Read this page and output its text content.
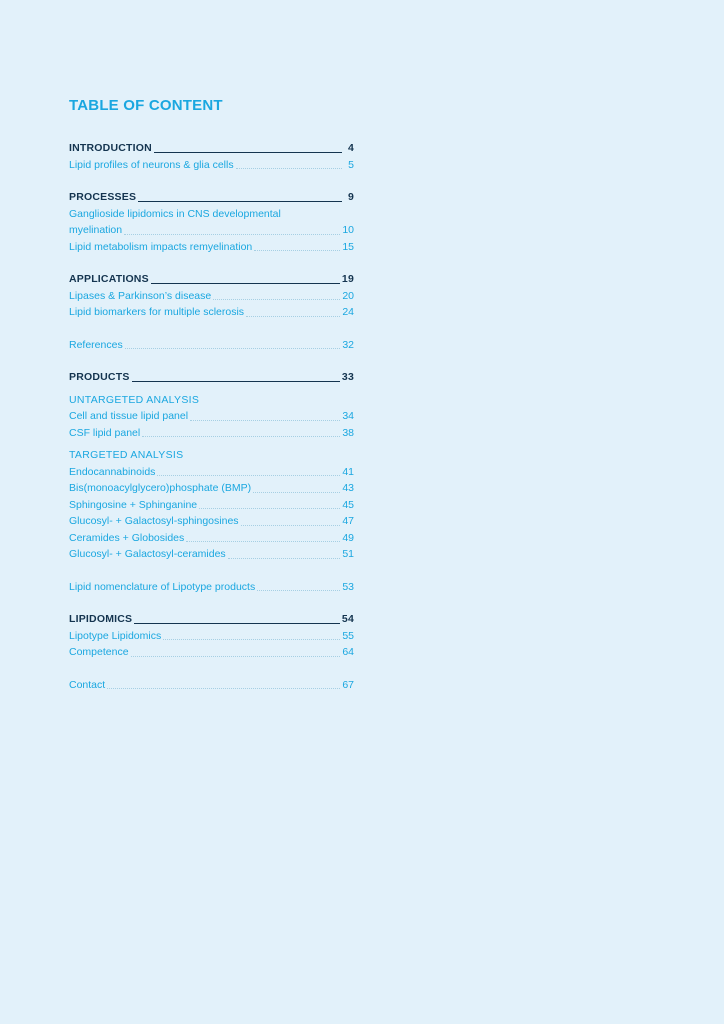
TABLE OF CONTENT
INTRODUCTION	4
Lipid profiles of neurons & glia cells	5
PROCESSES	9
Ganglioside lipidomics in CNS developmental
myelination	10
Lipid metabolism impacts remyelination	15
APPLICATIONS	19
Lipases & Parkinson’s disease	20
Lipid biomarkers for multiple sclerosis	24
References	32
PRODUCTS	33
UNTARGETED ANALYSIS
Cell and tissue lipid panel	34
CSF lipid panel	38
TARGETED ANALYSIS
Endocannabinoids	41
Bis(monoacylglycero)phosphate (BMP)	43
Sphingosine + Sphinganine	45
Glucosyl- + Galactosyl-sphingosines	47
Ceramides + Globosides	49
Glucosyl- + Galactosyl-ceramides	51
Lipid nomenclature of Lipotype products	53
LIPIDOMICS	54
Lipotype Lipidomics	55
Competence	64
Contact	67
